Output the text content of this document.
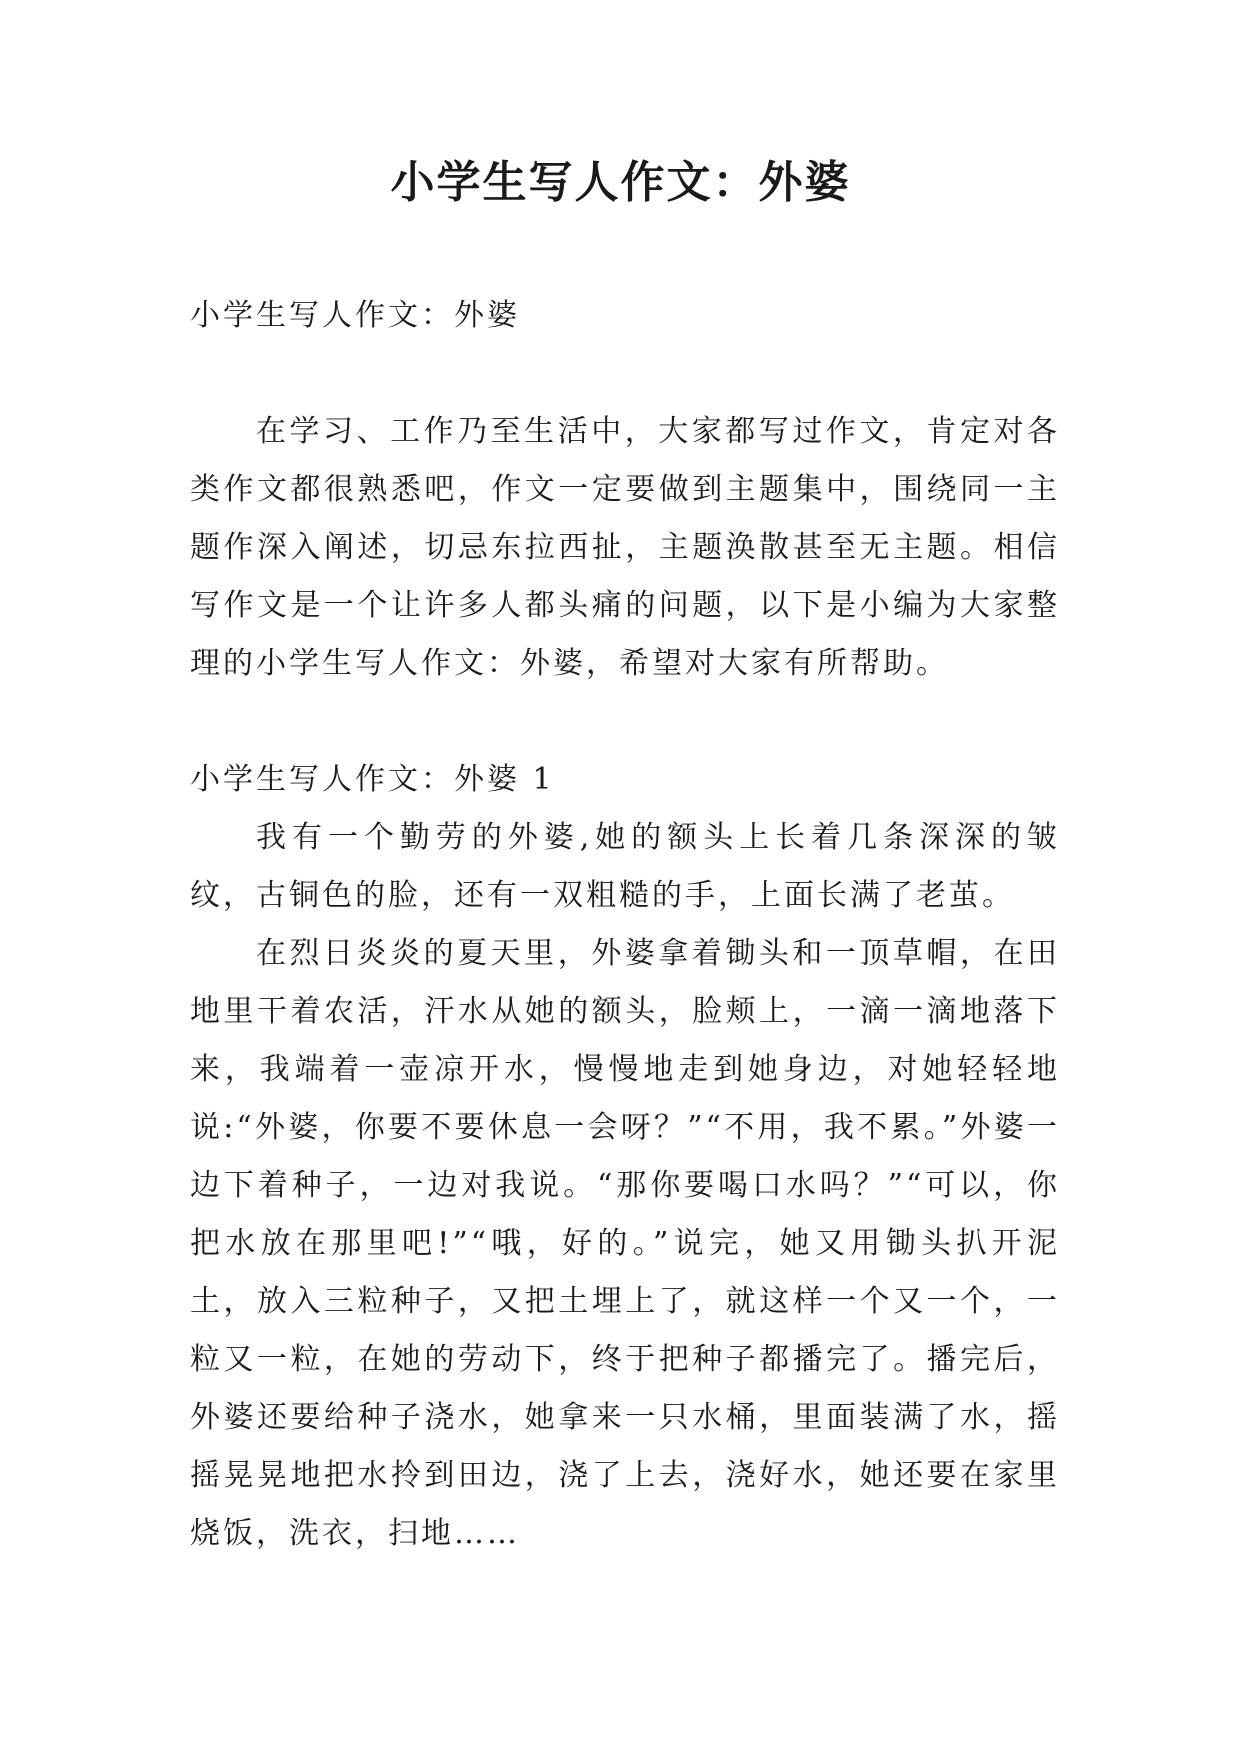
小学生写人作文：外婆

小学生写人作文：外婆

在学习、工作乃至生活中，大家都写过作文，肯定对各类作文都很熟悉吧，作文一定要做到主题集中，围绕同一主题作深入阐述，切忌东拉西扯，主题涣散甚至无主题。相信写作文是一个让许多人都头痛的问题，以下是小编为大家整理的小学生写人作文：外婆，希望对大家有所帮助。

小学生写人作文：外婆 1

我有一个勤劳的外婆,她的额头上长着几条深深的皱纹，古铜色的脸，还有一双粗糙的手，上面长满了老茧。

在烈日炎炎的夏天里，外婆拿着锄头和一顶草帽，在田地里干着农活，汗水从她的额头，脸颊上，一滴一滴地落下来，我端着一壶凉开水，慢慢地走到她身边，对她轻轻地说:“外婆，你要不要休息一会呀？”“不用，我不累。”外婆一边下着种子，一边对我说。“那你要喝口水吗？”“可以，你把水放在那里吧!”“哦，好的。”说完，她又用锄头扒开泥土，放入三粒种子，又把土埋上了，就这样一个又一个，一粒又一粒，在她的劳动下，终于把种子都播完了。播完后，外婆还要给种子浇水，她拿来一只水桶，里面装满了水，摇摇晃晃地把水拎到田边，浇了上去，浇好水，她还要在家里烧饭，洗衣，扫地……
